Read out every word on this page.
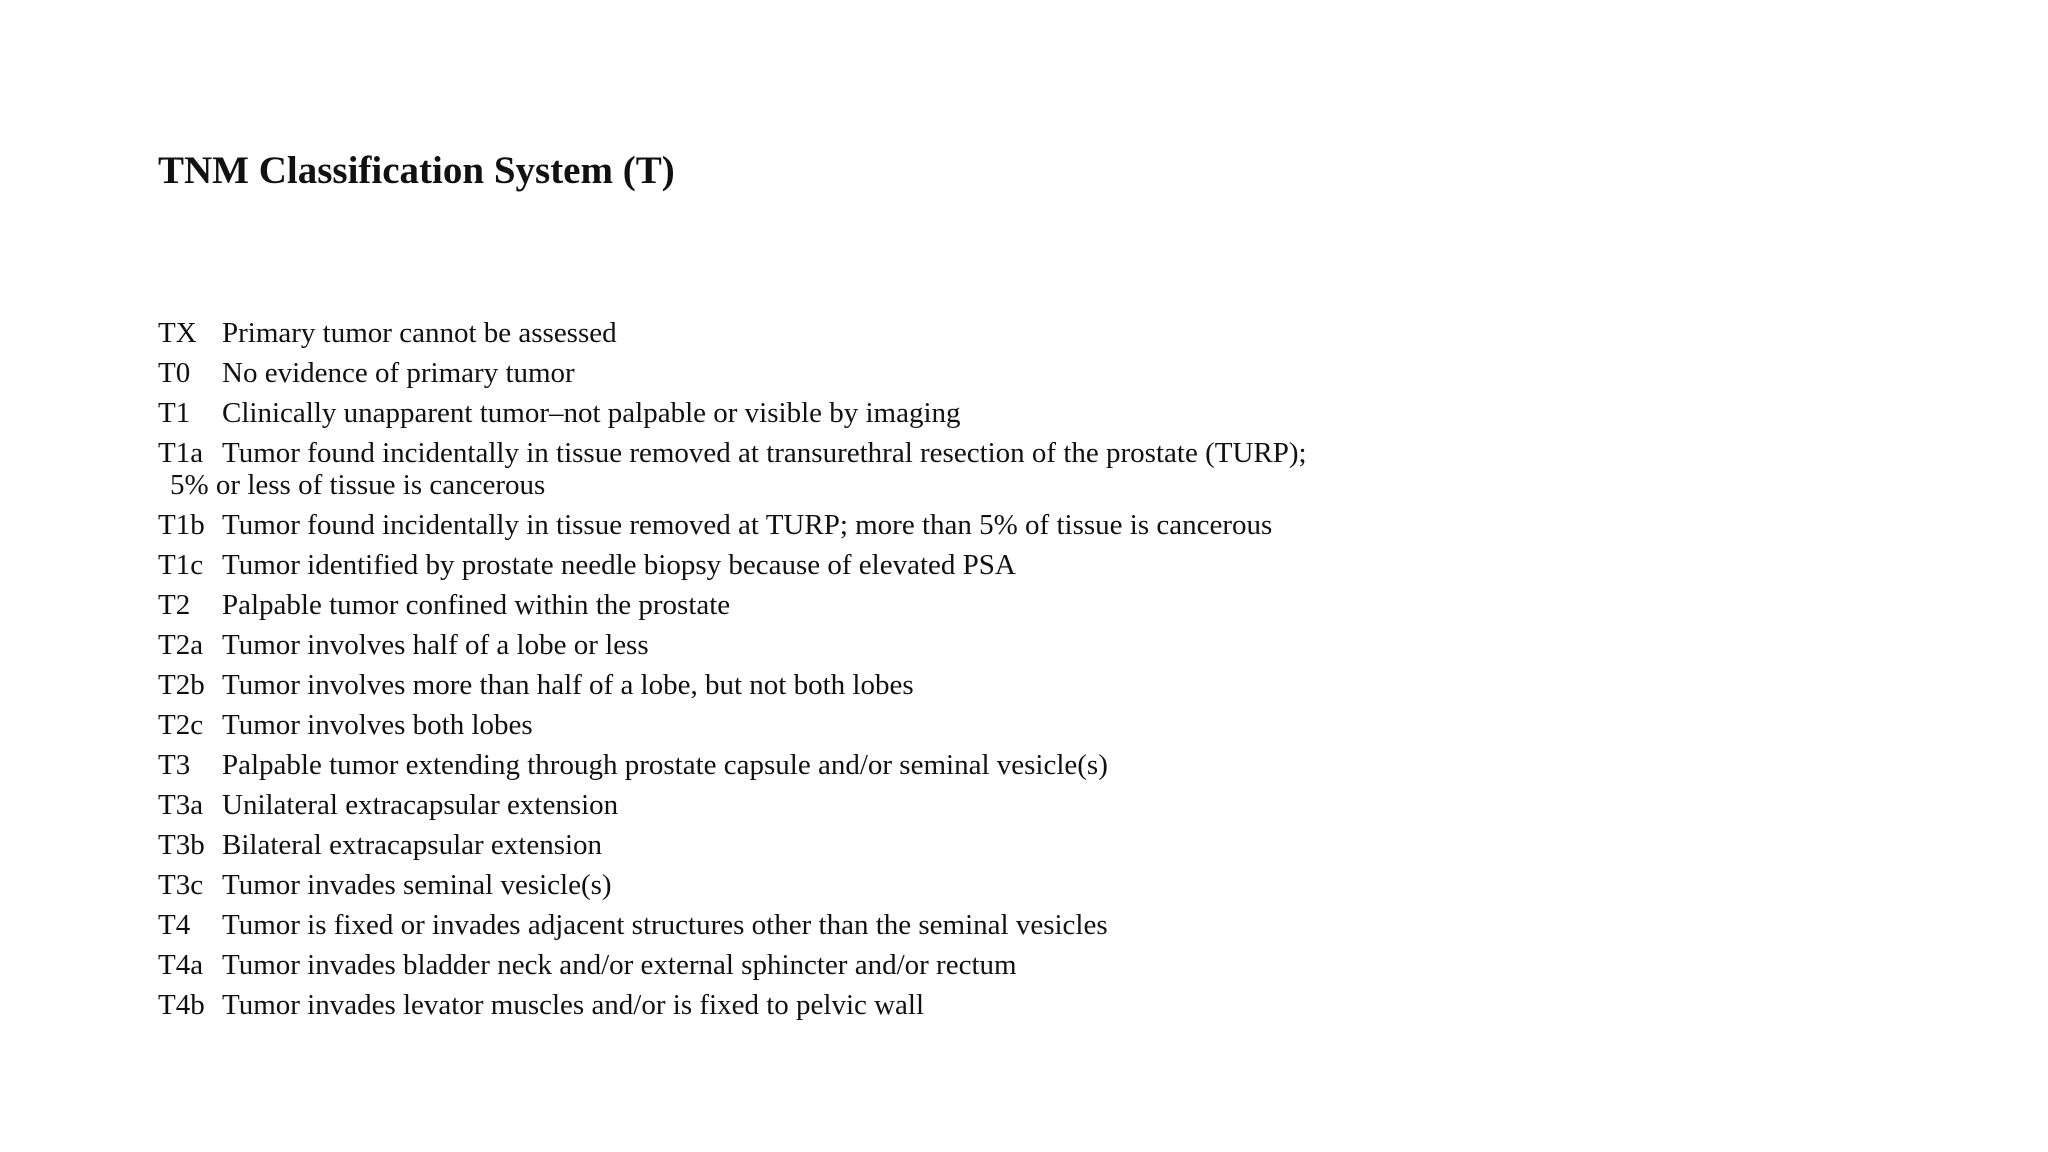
TNM Classification System (T)
TX Primary tumor cannot be assessed
T0	No evidence of primary tumor
T1	Clinically unapparent tumor–not palpable or visible by imaging
T1a Tumor found incidentally in tissue removed at transurethral resection of the prostate (TURP);
5% or less of tissue is cancerous
T1b Tumor found incidentally in tissue removed at TURP; more than 5% of tissue is cancerous
T1c Tumor identified by prostate needle biopsy because of elevated PSA
T2	Palpable tumor confined within the prostate
T2a Tumor involves half of a lobe or less
T2b Tumor involves more than half of a lobe, but not both lobes
T2c Tumor involves both lobes
T3	Palpable tumor extending through prostate capsule and/or seminal vesicle(s)
T3a Unilateral extracapsular extension
T3b Bilateral extracapsular extension
T3c Tumor invades seminal vesicle(s)
T4	Tumor is fixed or invades adjacent structures other than the seminal vesicles
T4a Tumor invades bladder neck and/or external sphincter and/or rectum
T4b Tumor invades levator muscles and/or is fixed to pelvic wall
